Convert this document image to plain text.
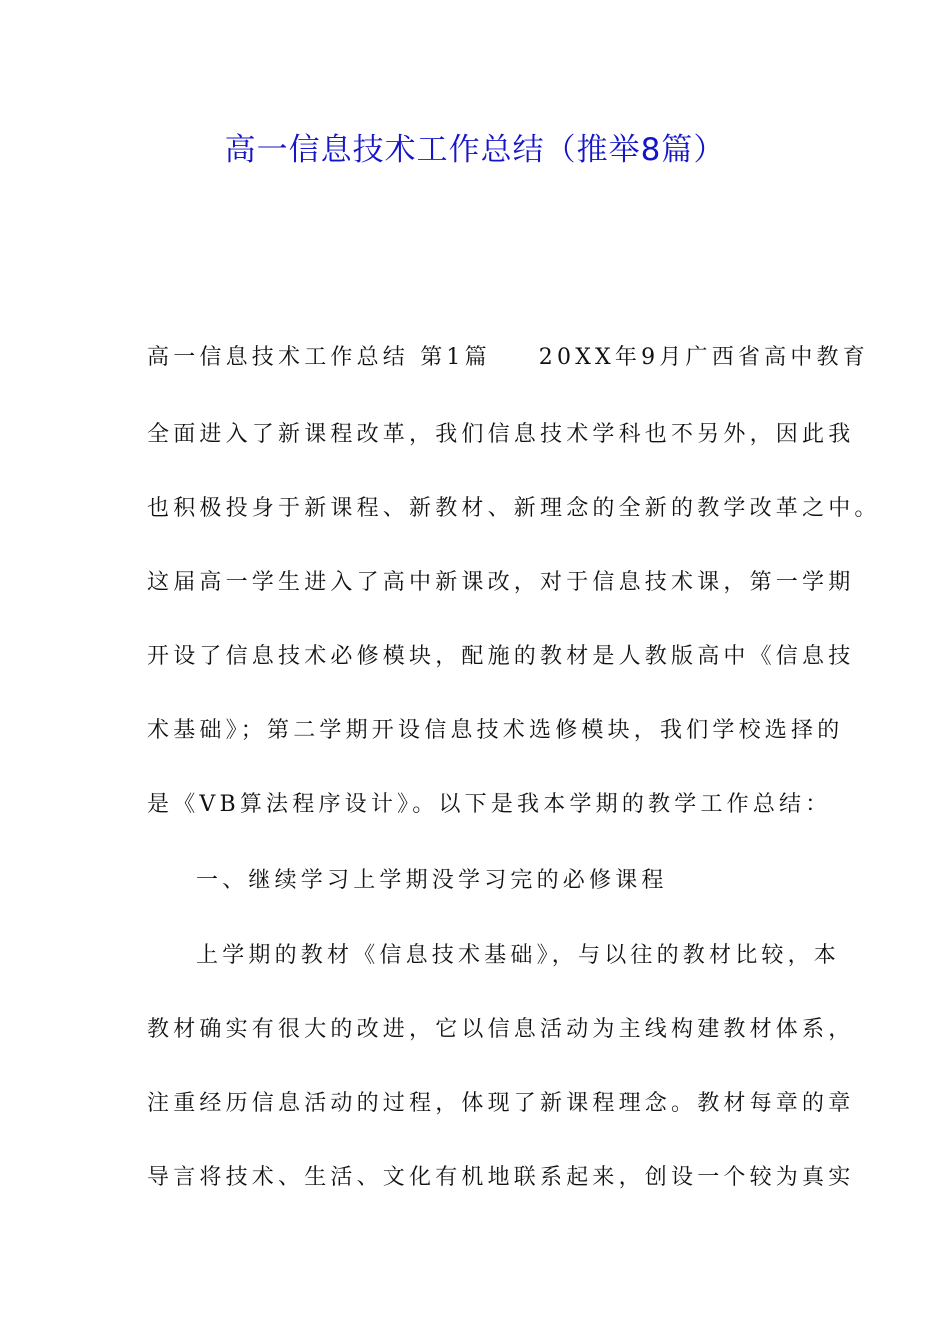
高一信息技术工作总结（推举8篇）
高一信息技术工作总结 第1篇 20XX年9月广西省高中教育
全面进入了新课程改革，我们信息技术学科也不另外，因此我
也积极投身于新课程、新教材、新理念的全新的教学改革之中。
这届高一学生进入了高中新课改，对于信息技术课，第一学期
开设了信息技术必修模块，配施的教材是人教版高中《信息技
术基础》；第二学期开设信息技术选修模块，我们学校选择的
是《VB算法程序设计》。以下是我本学期的教学工作总结：
一、继续学习上学期没学习完的必修课程
上学期的教材《信息技术基础》，与以往的教材比较，本
教材确实有很大的改进，它以信息活动为主线构建教材体系，
注重经历信息活动的过程，体现了新课程理念。教材每章的章
导言将技术、生活、文化有机地联系起来，创设一个较为真实
